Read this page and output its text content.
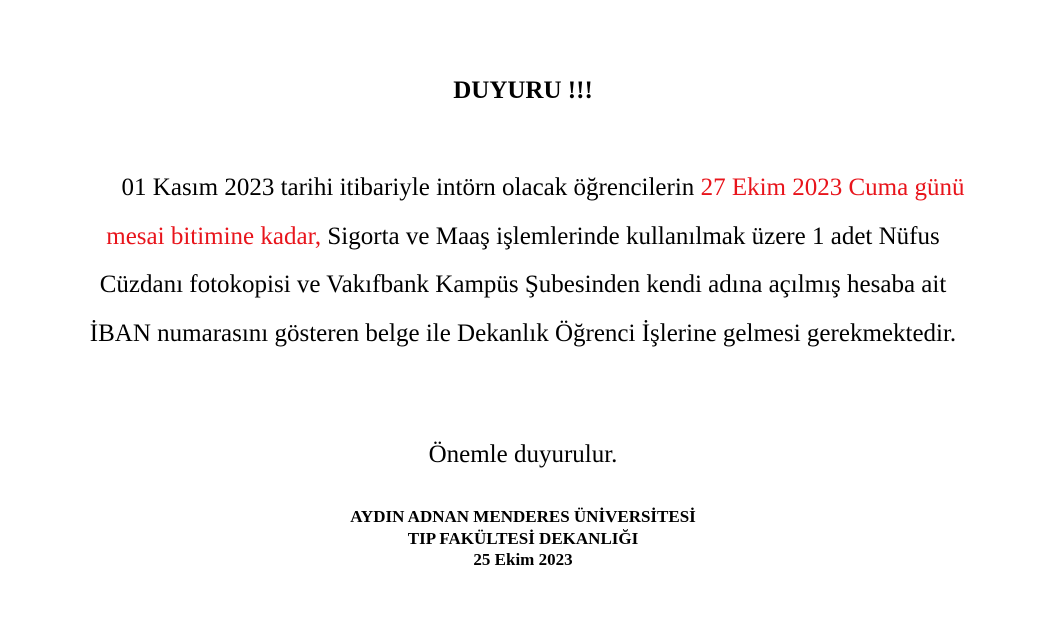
DUYURU !!!
01 Kasım 2023 tarihi itibariyle intörn olacak öğrencilerin 27 Ekim 2023 Cuma günü mesai bitimine kadar, Sigorta ve Maaş işlemlerinde kullanılmak üzere 1 adet Nüfus Cüzdanı fotokopisi ve Vakıfbank Kampüs Şubesinden kendi adına açılmış hesaba ait İBAN numarasını gösteren belge ile Dekanlık Öğrenci İşlerine gelmesi gerekmektedir.
Önemle duyurulur.
AYDIN ADNAN MENDERES ÜNİVERSİTESİ
TIP FAKÜLTESİ DEKANLIĞI
25 Ekim 2023
